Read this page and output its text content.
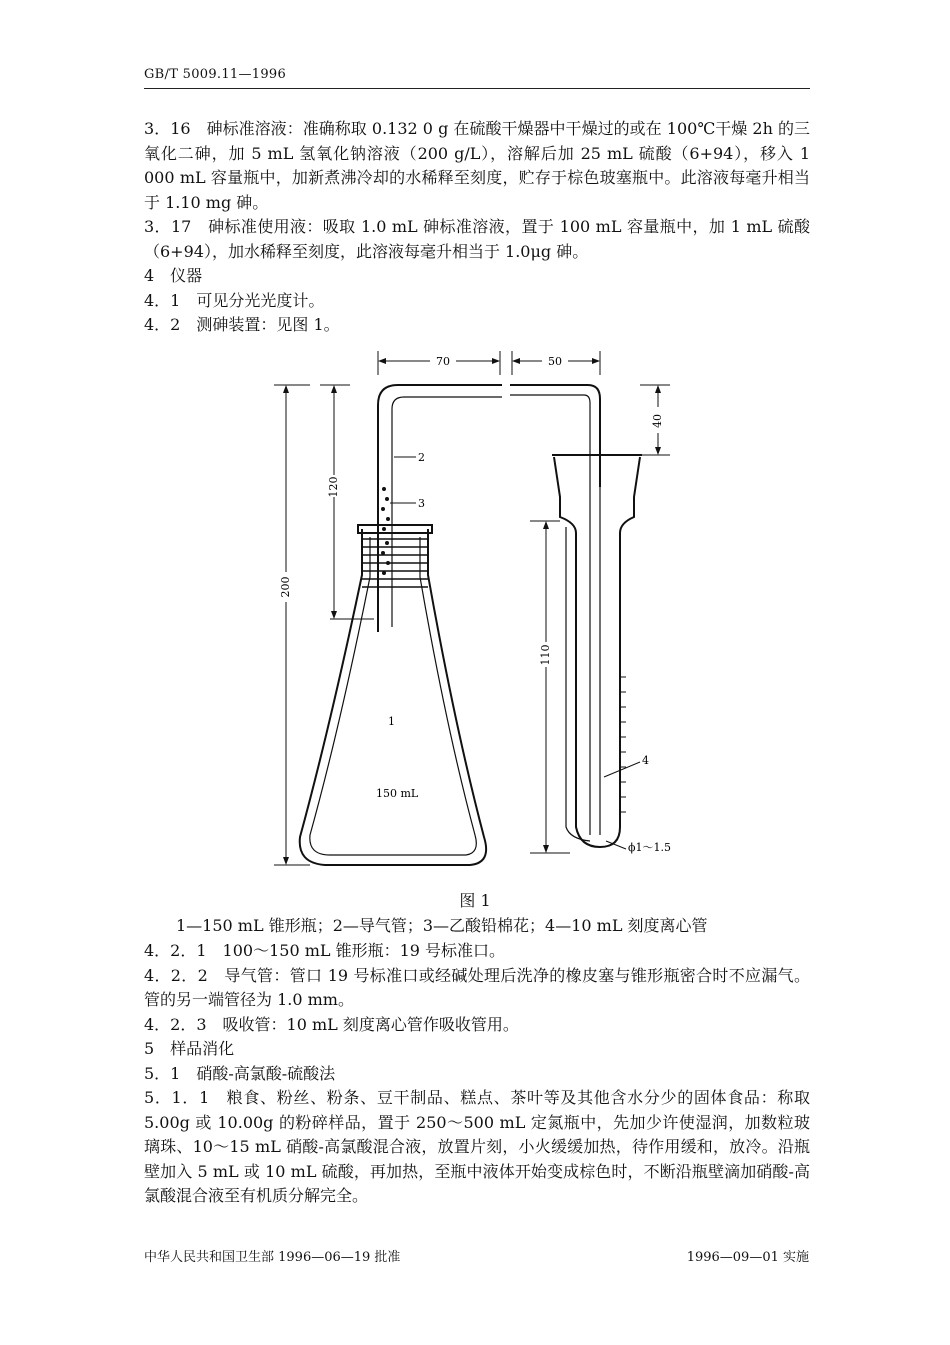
GB/T 5009.11—1996

3．16　砷标准溶液：准确称取 0.132 0 g 在硫酸干燥器中干燥过的或在 100℃干燥 2h 的三氧化二砷，加 5 mL 氢氧化钠溶液（200 g/L），溶解后加 25 mL 硫酸（6+94），移入 1 000 mL 容量瓶中，加新煮沸冷却的水稀释至刻度，贮存于棕色玻塞瓶中。此溶液每毫升相当于 1.10 mg 砷。

3．17　砷标准使用液：吸取 1.0 mL 砷标准溶液，置于 100 mL 容量瓶中，加 1 mL 硫酸（6+94），加水稀释至刻度，此溶液每毫升相当于 1.0μg 砷。

4　仪器

4．1　可见分光光度计。

4．2　测砷装置：见图 1。

70	50
40
120
200
110
2
3
4
1
150 mL
ϕ1～1.5
图 1
1—150 mL 锥形瓶；2—导气管；3—乙酸铅棉花；4—10 mL 刻度离心管

4．2．1　100～150 mL 锥形瓶：19 号标准口。

4．2．2　导气管：管口 19 号标准口或经碱处理后洗净的橡皮塞与锥形瓶密合时不应漏气。管的另一端管径为 1.0 mm。

4．2．3　吸收管：10 mL 刻度离心管作吸收管用。

5　样品消化

5．1　硝酸-高氯酸-硫酸法

5．1．1　粮食、粉丝、粉条、豆干制品、糕点、茶叶等及其他含水分少的固体食品：称取 5.00g 或 10.00g 的粉碎样品，置于 250～500 mL 定氮瓶中，先加少许使湿润，加数粒玻璃珠、10～15 mL 硝酸-高氯酸混合液，放置片刻，小火缓缓加热，待作用缓和，放冷。沿瓶壁加入 5 mL 或 10 mL 硫酸，再加热，至瓶中液体开始变成棕色时，不断沿瓶壁滴加硝酸-高氯酸混合液至有机质分解完全。

中华人民共和国卫生部 1996—06—19 批准	1996—09—01 实施
